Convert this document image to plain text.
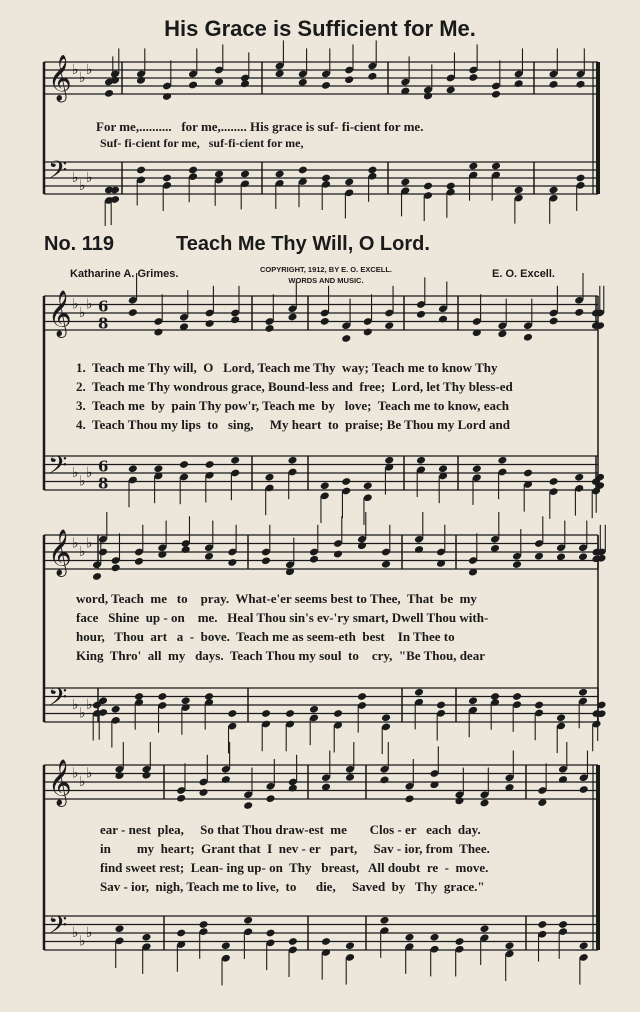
His Grace is Sufficient for Me.
𝄞
𝄢
♭ ♭ ♭
♭ ♭ ♭
𝄞
𝄢
♭
♭
♭
♭
♭
♭
6
6
8
8
𝄞
𝄢
♭
♭
♭
♭
♭
♭
𝄞
𝄢
♭
♭
♭
♭
♭
♭
For me,..........   for me,........ His grace is suf- fi-cient for me.
Suf- fi-cient for me,   suf-fi-cient for me,
No. 119	Teach Me Thy Will, O Lord.
Katharine A. Grimes.	COPYRIGHT, 1912, BY E. O. EXCELL.
WORDS AND MUSIC.
E. O. Excell.
1.  Teach me Thy will,  O   Lord, Teach me Thy  way; Teach me to know Thy
2.  Teach me Thy wondrous grace, Bound-less and  free;  Lord, let Thy bless-ed
3.  Teach me  by  pain Thy pow'r, Teach me  by   love;  Teach me to know, each
4.  Teach Thou my lips  to   sing,     My heart  to  praise; Be Thou my Lord and
word, Teach  me   to    pray.  What-e'er seems best to Thee,  That  be  my
face   Shine  up - on    me.   Heal Thou sin's ev-'ry smart, Dwell Thou with-
hour,   Thou  art   a  -  bove.  Teach me as seem-eth  best    In Thee to
King  Thro'  all  my   days.  Teach Thou my soul  to    cry,  "Be Thou, dear
ear - nest  plea,     So that Thou draw-est  me       Clos - er   each  day.
in        my  heart;  Grant that  I  nev - er   part,     Sav - ior, from  Thee.
find sweet rest;  Lean- ing up- on  Thy   breast,   All doubt  re  -  move.
Sav - ior,  nigh, Teach me to live,  to      die,     Saved  by   Thy  grace."
